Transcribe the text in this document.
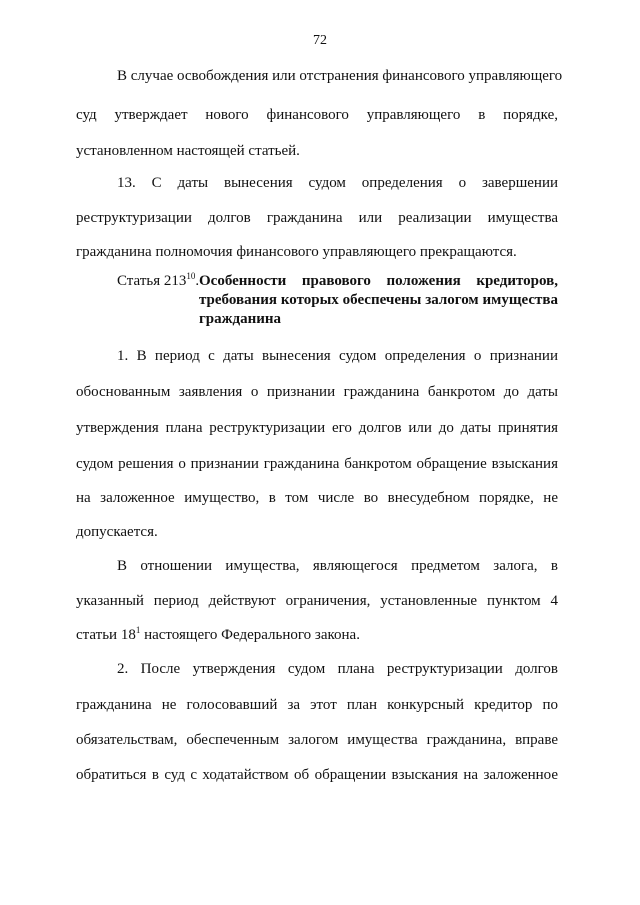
72
В случае освобождения или отстранения финансового управляющего
суд утверждает нового финансового управляющего в порядке,
установленном настоящей статьей.
13. С даты вынесения судом определения о завершении
реструктуризации долгов гражданина или реализации имущества
гражданина полномочия финансового управляющего прекращаются.
Статья $213^{10}$. Особенности правового положения кредиторов,
требования которых обеспечены залогом имущества
гражданина
1. В период с даты вынесения судом определения о признании
обоснованным заявления о признании гражданина банкротом до даты
утверждения плана реструктуризации его долгов или до даты принятия
судом решения о признании гражданина банкротом обращение взыскания
на заложенное имущество, в том числе во внесудебном порядке, не
допускается.
В отношении имущества, являющегося предметом залога, в
указанный период действуют ограничения, установленные пунктом 4
статьи $18^1$ настоящего Федерального закона.
2. После утверждения судом плана реструктуризации долгов
гражданина не голосовавший за этот план конкурсный кредитор по
обязательствам, обеспеченным залогом имущества гражданина, вправе
обратиться в суд с ходатайством об обращении взыскания на заложенное
